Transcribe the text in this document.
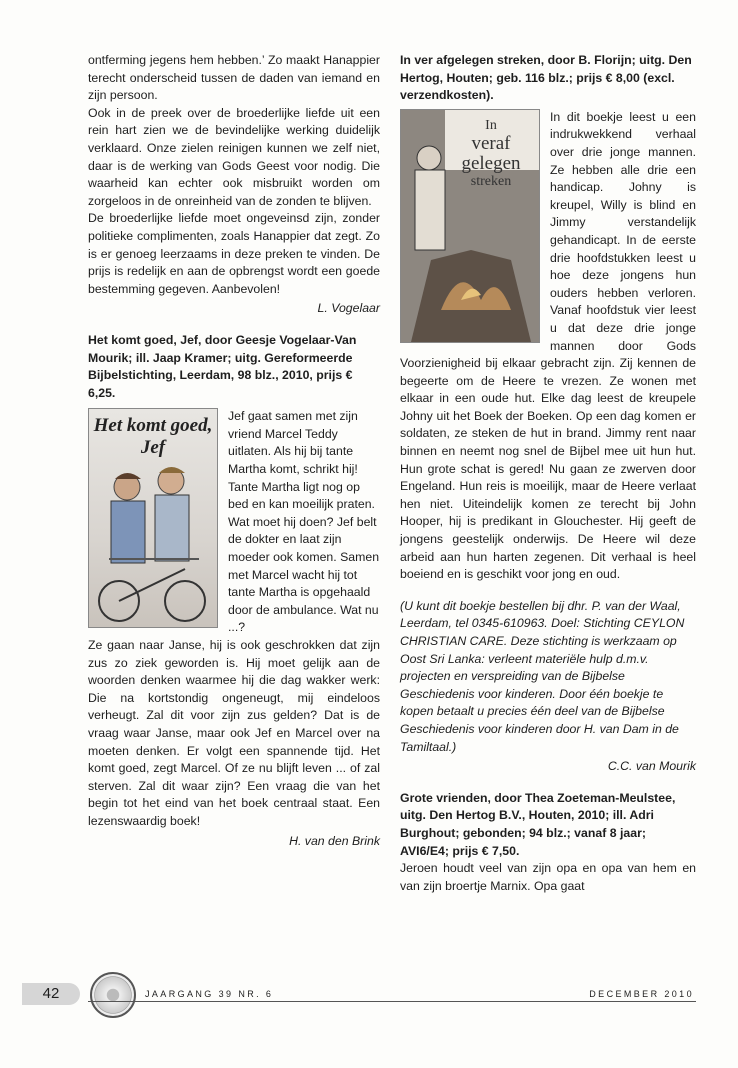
ontferming jegens hem hebben.’ Zo maakt Hanappier terecht onderscheid tussen de daden van iemand en zijn persoon.

Ook in de preek over de broederlijke liefde uit een rein hart zien we de bevindelijke werking duidelijk verklaard. Onze zielen reinigen kunnen we zelf niet, daar is de werking van Gods Geest voor nodig. Die waarheid kan echter ook misbruikt worden om zorgeloos in de onreinheid van de zonden te blijven.

De broederlijke liefde moet ongeveinsd zijn, zonder politieke complimenten, zoals Hanappier dat zegt. Zo is er genoeg leerzaams in deze preken te vinden. De prijs is redelijk en aan de opbrengst wordt een goede bestemming gegeven. Aanbevolen!

L. Vogelaar

Het komt goed, Jef, door Geesje Vogelaar-Van Mourik; ill. Jaap Kramer; uitg. Gereformeerde Bijbelstichting, Leerdam, 98 blz., 2010, prijs € 6,25.

Het komt goed, Jef

Jef gaat samen met zijn vriend Marcel Teddy uitlaten. Als hij bij tante Martha komt, schrikt hij! Tante Martha ligt nog op bed en kan moeilijk praten. Wat moet hij doen? Jef belt de dokter en laat zijn moeder ook komen. Samen met Marcel wacht hij tot tante Martha is opgehaald door de ambulance. Wat nu ...?

Ze gaan naar Janse, hij is ook geschrokken dat zijn zus zo ziek geworden is. Hij moet gelijk aan de woorden denken waarmee hij die dag wakker werk: Die na kortstondig ongeneugt, mij eindeloos verheugt. Zal dit voor zijn zus gelden? Dat is de vraag waar Janse, maar ook Jef en Marcel over na moeten denken. Er volgt een spannende tijd. Het komt goed, zegt Marcel. Of ze nu blijft leven ... of zal sterven. Zal dit waar zijn? Een vraag die van het begin tot het eind van het boek centraal staat. Een lezenswaardig boek!

H. van den Brink

In ver afgelegen streken, door B. Florijn; uitg. Den Hertog, Houten; geb. 116 blz.; prijs € 8,00 (excl. verzendkosten).

In
veraf gelegen
streken

In dit boekje leest u een indrukwekkend verhaal over drie jonge mannen. Ze hebben alle drie een handicap. Johny is kreupel, Willy is blind en Jimmy verstandelijk gehandicapt. In de eerste drie hoofdstukken leest u hoe deze jongens hun ouders hebben verloren. Vanaf hoofdstuk vier leest u dat deze drie jonge mannen door Gods Voorzienigheid bij elkaar gebracht zijn. Zij kennen de begeerte om de Heere te vrezen. Ze wonen met elkaar in een oude hut. Elke dag leest de kreupele Johny uit het Boek der Boeken. Op een dag komen er soldaten, ze steken de hut in brand. Jimmy rent naar binnen en neemt nog snel de Bijbel mee uit hun hut. Hun grote schat is gered! Nu gaan ze zwerven door Engeland. Hun reis is moeilijk, maar de Heere verlaat hen niet. Uiteindelijk komen ze terecht bij John Hooper, hij is predikant in Glouchester. Hij geeft de jongens geestelijk onderwijs. De Heere wil deze arbeid aan hun harten zegenen. Dit verhaal is heel boeiend en is geschikt voor jong en oud.

(U kunt dit boekje bestellen bij dhr. P. van der Waal, Leerdam, tel 0345-610963. Doel: Stichting CEYLON CHRISTIAN CARE. Deze stichting is werkzaam op Oost Sri Lanka: verleent materiële hulp d.m.v. projecten en verspreiding van de Bijbelse Geschiedenis voor kinderen. Door één boekje te kopen betaalt u precies één deel van de Bijbelse Geschiedenis voor kinderen door H. van Dam in de Tamiltaal.)

C.C. van Mourik

Grote vrienden, door Thea Zoeteman-Meulstee, uitg. Den Hertog B.V., Houten, 2010; ill. Adri Burghout; gebonden; 94 blz.; vanaf 8 jaar; AVI6/E4; prijs € 7,50.

Jeroen houdt veel van zijn opa en opa van hem en van zijn broertje Marnix. Opa gaat

42	JAARGANG 39 NR. 6	DECEMBER 2010
